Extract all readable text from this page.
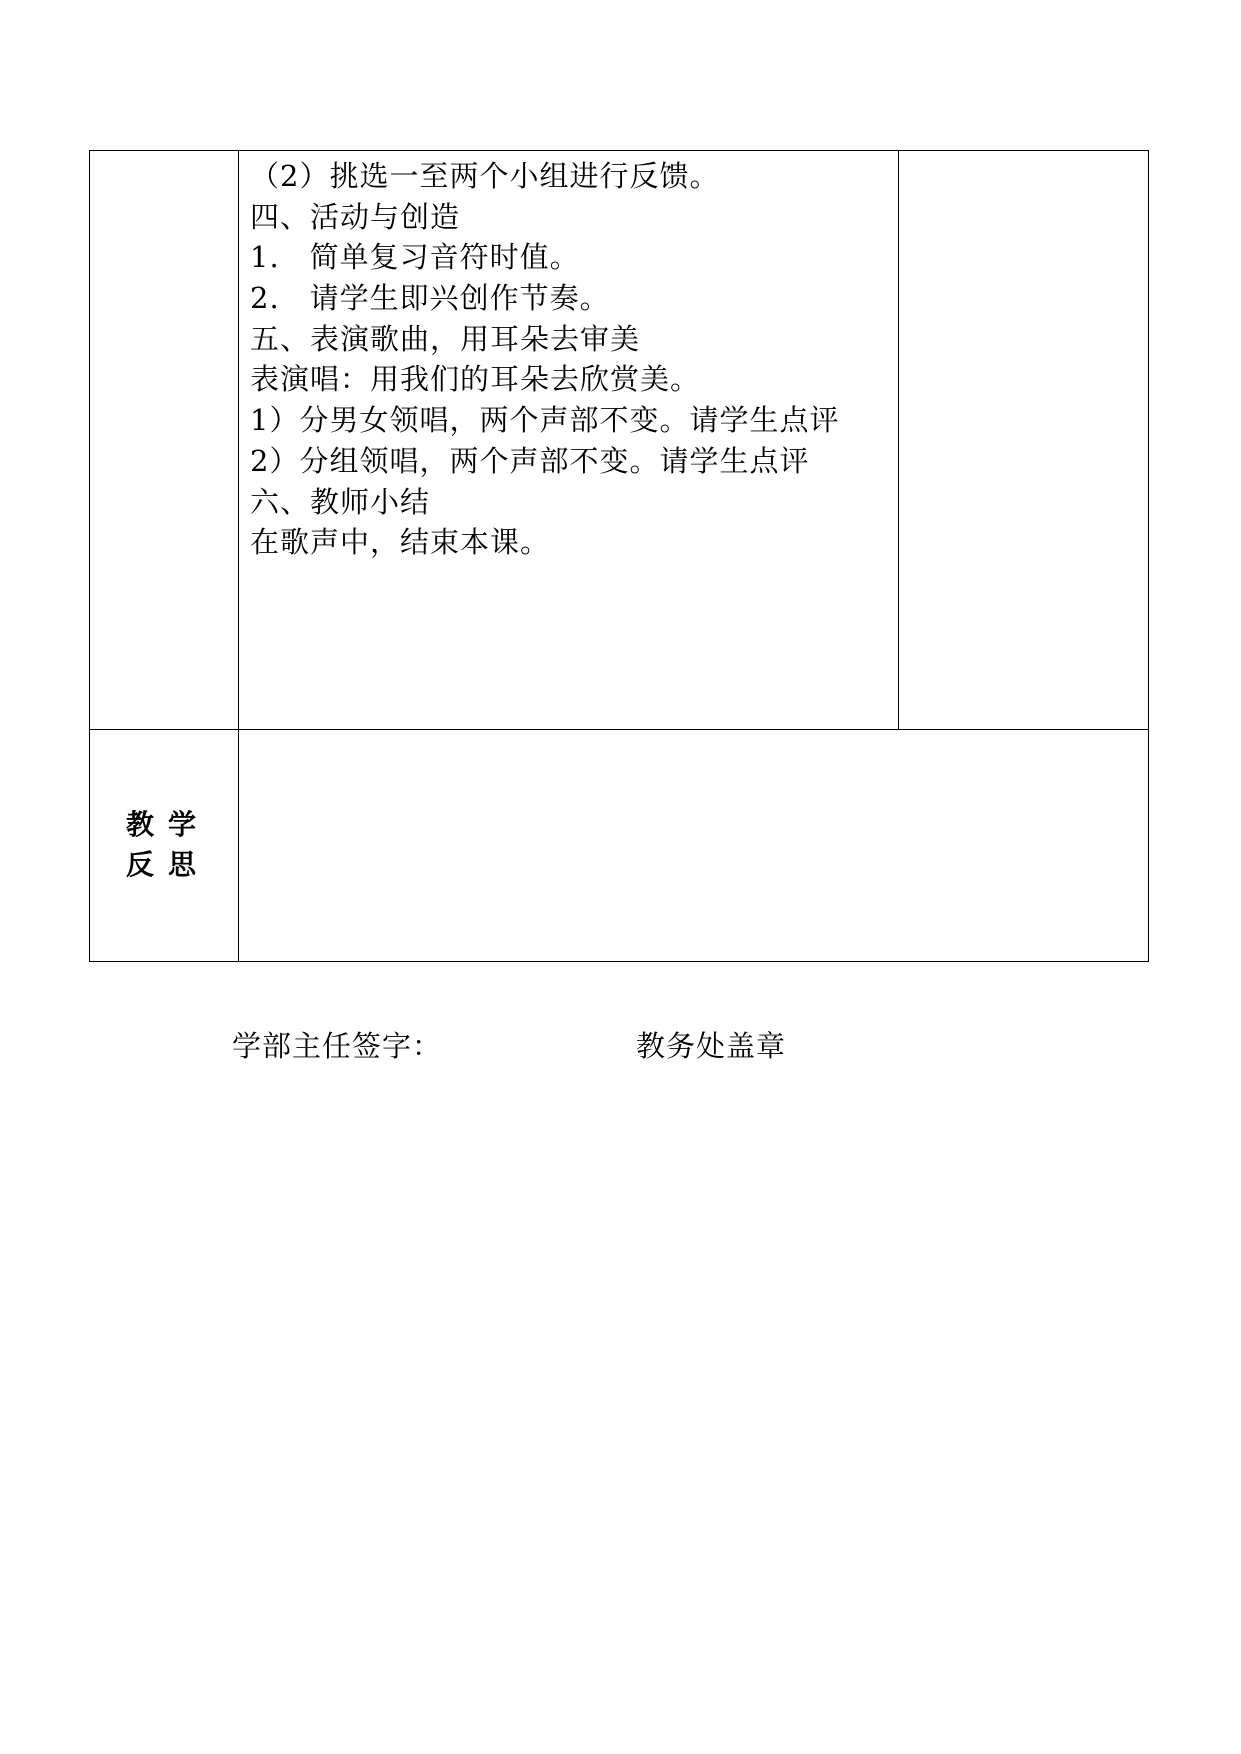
（2）挑选一至两个小组进行反馈。
四、活动与创造
1.　简单复习音符时值。
2.　请学生即兴创作节奏。
五、表演歌曲，用耳朵去审美
表演唱：用我们的耳朵去欣赏美。
1）分男女领唱，两个声部不变。请学生点评
2）分组领唱，两个声部不变。请学生点评
六、教师小结
在歌声中，结束本课。
教学
反思
学部主任签字：	教务处盖章
